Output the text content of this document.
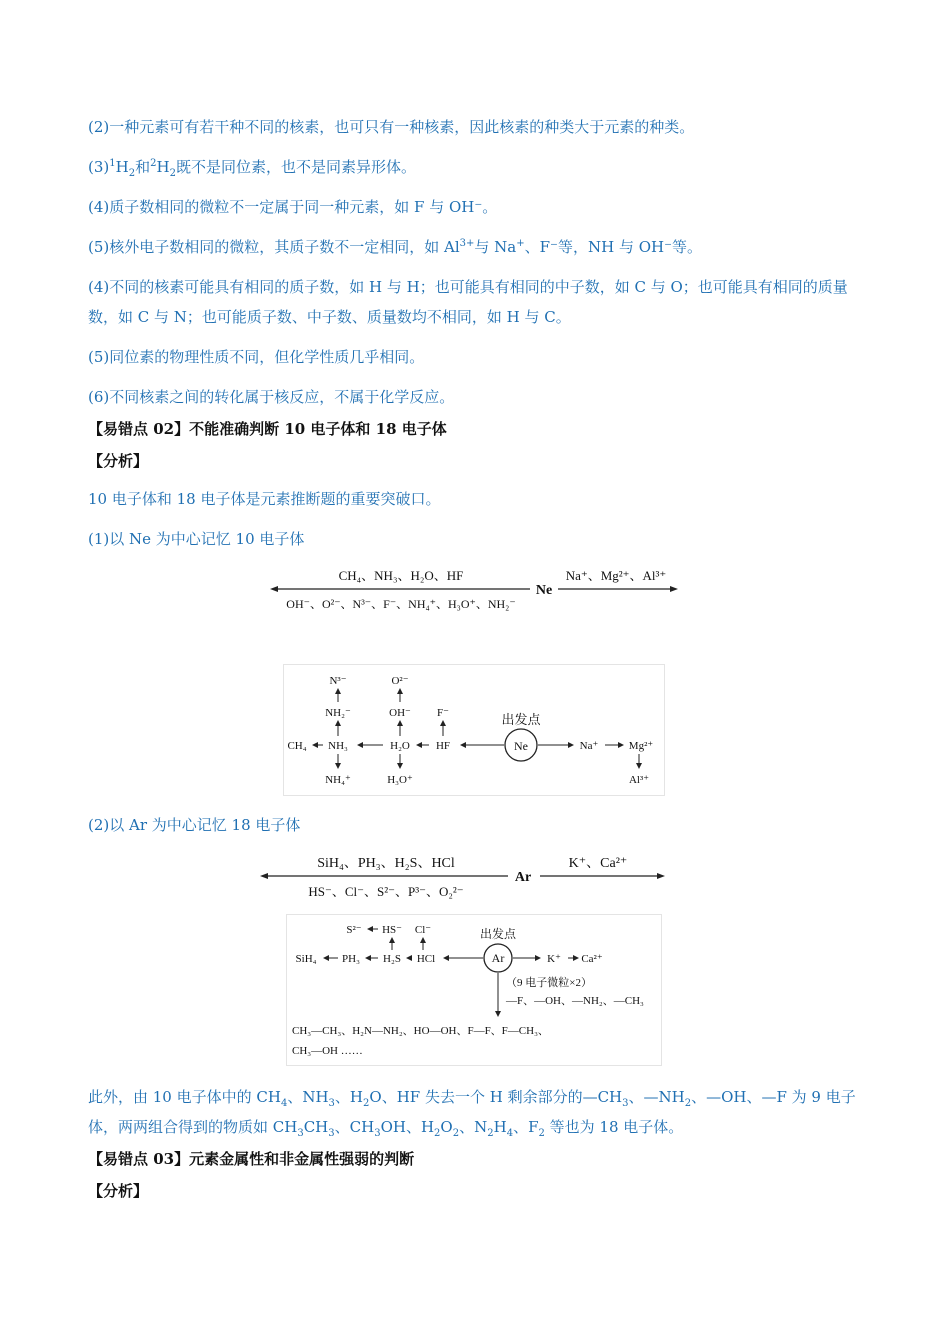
(2)一种元素可有若干种不同的核素，也可只有一种核素，因此核素的种类大于元素的种类。

$(3)^1H_2$和$^2H_2$既不是同位素，也不是同素异形体。

(4)质子数相同的微粒不一定属于同一种元素，如 F 与 OH⁻。

(5)核外电子数相同的微粒，其质子数不一定相同，如 $Al^{3+}$与 Na+、F⁻等，NH 与 OH⁻等。

(4)不同的核素可能具有相同的质子数，如 H 与 H；也可能具有相同的中子数，如 C 与 O；也可能具有相同的质量数，如 C 与 N；也可能质子数、中子数、质量数均不相同，如 H 与 C。

(5)同位素的物理性质不同，但化学性质几乎相同。

(6)不同核素之间的转化属于核反应，不属于化学反应。

【易错点 02】不能准确判断 10 电子体和 18 电子体

【分析】

10 电子体和 18 电子体是元素推断题的重要突破口。

(1)以 Ne 为中心记忆 10 电子体

CH₄、NH₃、H₂O、HF
OH⁻、O²⁻、N³⁻、F⁻、NH₄⁺、H₃O⁺、NH₂⁻
Ne
Na⁺、Mg²⁺、Al³⁺
N³⁻
NH₂⁻
NH₃
NH₄⁺
CH₄
O²⁻
OH⁻
H₂O
H₃O⁺
F⁻
HF
出发点
Ne	Na⁺	Mg²⁺
Al³⁺

(2)以 Ar 为中心记忆 18 电子体

SiH₄、PH₃、H₂S、HCl
HS⁻、Cl⁻、S²⁻、P³⁻、O₂²⁻
Ar
K⁺、Ca²⁺
S²⁻ HS⁻ Cl⁻
SiH₄ PH₃ H₂S HCl
出发点
Ar	K⁺ Ca²⁺
（9 电子微粒×2）
—F、—OH、—NH₂、—CH₃
CH₃—CH₃、H₂N—NH₂、HO—OH、F—F、F—CH₃、
CH₃—OH ……

此外，由 10 电子体中的 $CH_4$、$NH_3$、$H_2O$、HF 失去一个 H 剩余部分的$—CH_3$、$—NH_2$、—OH、—F 为 9 电子体，两两组合得到的物质如 $CH_3CH_3$、$CH_3OH$、$H_2O_2$、$N_2H_4$、$F_2$ 等也为 18 电子体。

【易错点 03】元素金属性和非金属性强弱的判断

【分析】
